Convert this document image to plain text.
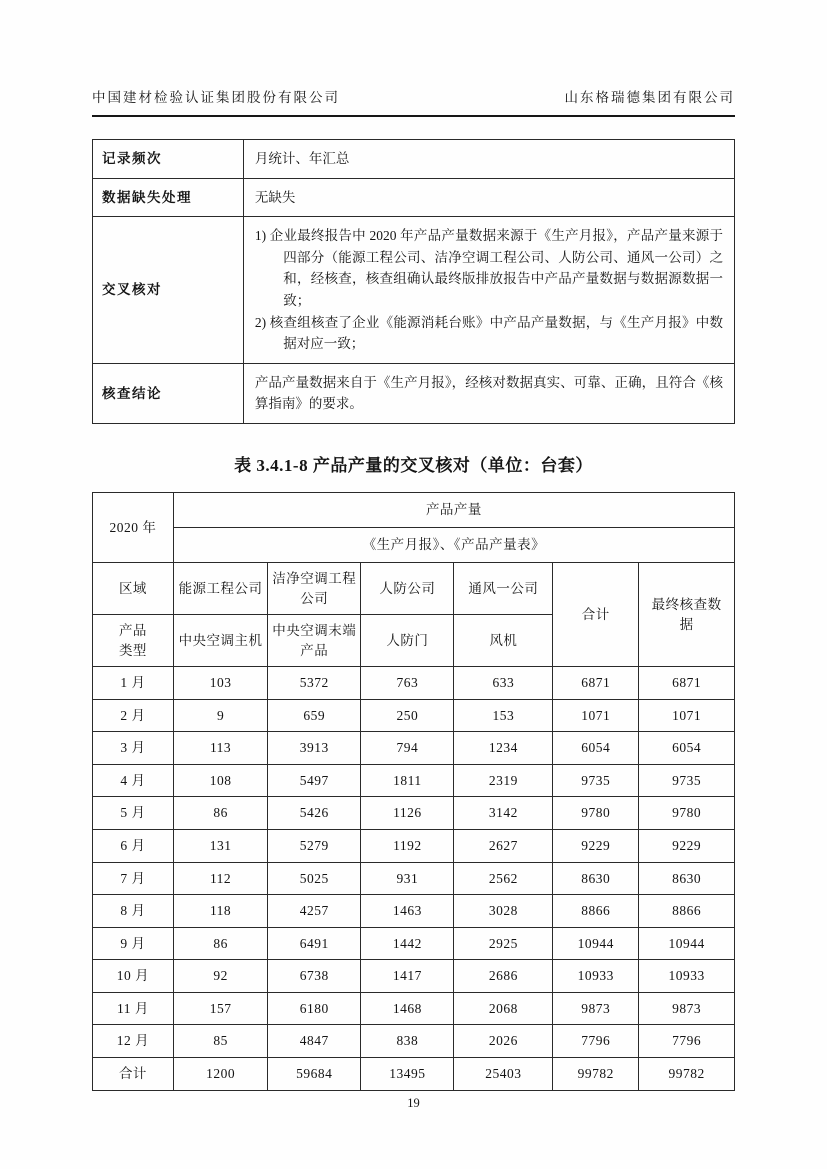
中国建材检验认证集团股份有限公司	山东格瑞德集团有限公司
记录频次	月统计、年汇总
数据缺失处理	无缺失
交叉核对	1) 企业最终报告中 2020 年产品产量数据来源于《生产月报》，产品产量来源于四部分（能源工程公司、洁净空调工程公司、人防公司、通风一公司）之和，经核查，核查组确认最终版排放报告中产品产量数据与数据源数据一致；
2) 核查组核查了企业《能源消耗台账》中产品产量数据，与《生产月报》中数据对应一致；

核查结论	产品产量数据来自于《生产月报》，经核对数据真实、可靠、正确，且符合《核算指南》的要求。
表 3.4.1-8 产品产量的交叉核对（单位：台套）
2020 年	产品产量					
	《生产月报》、《产品产量表》					
区域	能源工程公司	洁净空调工程公司	人防公司	通风一公司	合计	最终核查数据
产品类型	中央空调主机	中央空调末端产品	人防门	风机		
1 月	103	5372	763	633	6871	6871
2 月	9	659	250	153	1071	1071
3 月	113	3913	794	1234	6054	6054
4 月	108	5497	1811	2319	9735	9735
5 月	86	5426	1126	3142	9780	9780
6 月	131	5279	1192	2627	9229	9229
7 月	112	5025	931	2562	8630	8630
8 月	118	4257	1463	3028	8866	8866
9 月	86	6491	1442	2925	10944	10944
10 月	92	6738	1417	2686	10933	10933
11 月	157	6180	1468	2068	9873	9873
12 月	85	4847	838	2026	7796	7796
合计	1200	59684	13495	25403	99782	99782
19
